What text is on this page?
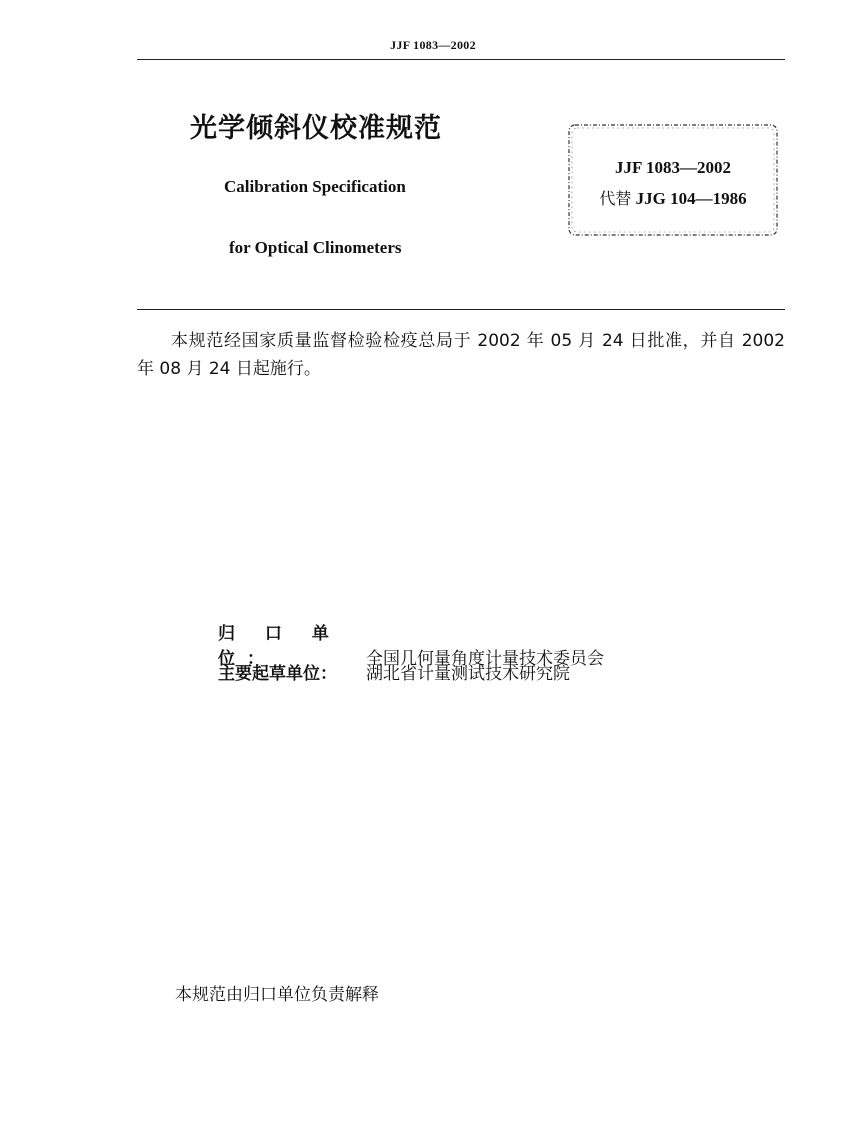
JJF 1083—2002
光学倾斜仪校准规范
Calibration Specification
for Optical Clinometers
JJF 1083—2002
代替 JJG 104—1986
本规范经国家质量监督检验检疫总局于 2002 年 05 月 24 日批准，并自 2002 年 08 月 24 日起施行。
归 口 单 位：	全国几何量角度计量技术委员会
主要起草单位： 湖北省计量测试技术研究院
本规范由归口单位负责解释
